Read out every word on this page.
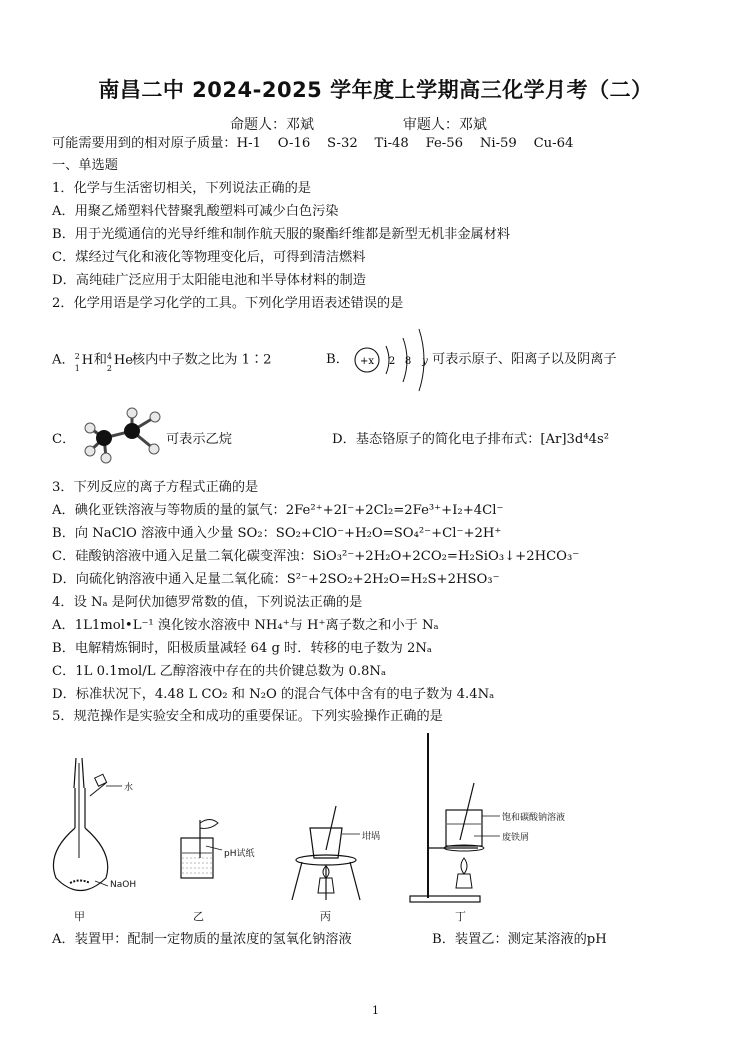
南昌二中 2024-2025 学年度上学期高三化学月考（二）
命题人：邓斌	审题人：邓斌
可能需要用到的相对原子质量：H-1    O-16    S-32    Ti-48    Fe-56    Ni-59    Cu-64
一、单选题
1．化学与生活密切相关，下列说法正确的是
A．用聚乙烯塑料代替聚乳酸塑料可减少白色污染
B．用于光缆通信的光导纤维和制作航天服的聚酯纤维都是新型无机非金属材料
C．煤经过气化和液化等物理变化后，可得到清洁燃料
D．高纯硅广泛应用于太阳能电池和半导体材料的制造
2．化学用语是学习化学的工具。下列化学用语表述错误的是
A． 2
1
H 和 4
2
He
核内中子数之比为 1∶2	B． +x 2 8 y 可表示原子、阳离子以及阴离子
C．	可表示乙烷	D．基态铬原子的简化电子排布式：[Ar]3d⁴4s²
3．下列反应的离子方程式正确的是
A．碘化亚铁溶液与等物质的量的氯气：2Fe²⁺+2I⁻+2Cl₂=2Fe³⁺+I₂+4Cl⁻
B．向 NaClO 溶液中通入少量 SO₂：SO₂+ClO⁻+H₂O=SO₄²⁻+Cl⁻+2H⁺
C．硅酸钠溶液中通入足量二氧化碳变浑浊：SiO₃²⁻+2H₂O+2CO₂=H₂SiO₃↓+2HCO₃⁻
D．向硫化钠溶液中通入足量二氧化硫：S²⁻+2SO₂+2H₂O=H₂S+2HSO₃⁻
4．设 Nₐ 是阿伏加德罗常数的值，下列说法正确的是
A．1L1mol•L⁻¹ 溴化铵水溶液中 NH₄⁺与 H⁺离子数之和小于 Nₐ
B．电解精炼铜时，阳极质量减轻 64 g 时．转移的电子数为 2Nₐ
C．1L 0.1mol/L 乙醇溶液中存在的共价键总数为 0.8Nₐ
D．标准状况下，4.48 L CO₂ 和 N₂O 的混合气体中含有的电子数为 4.4Nₐ
5．规范操作是实验安全和成功的重要保证。下列实验操作正确的是
水
NaOH
pH试纸
坩埚
饱和碳酸钠溶液
废铁屑
甲	乙	丙	丁
A．装置甲：配制一定物质的量浓度的氢氧化钠溶液	B．装置乙：测定某溶液的pH
1
